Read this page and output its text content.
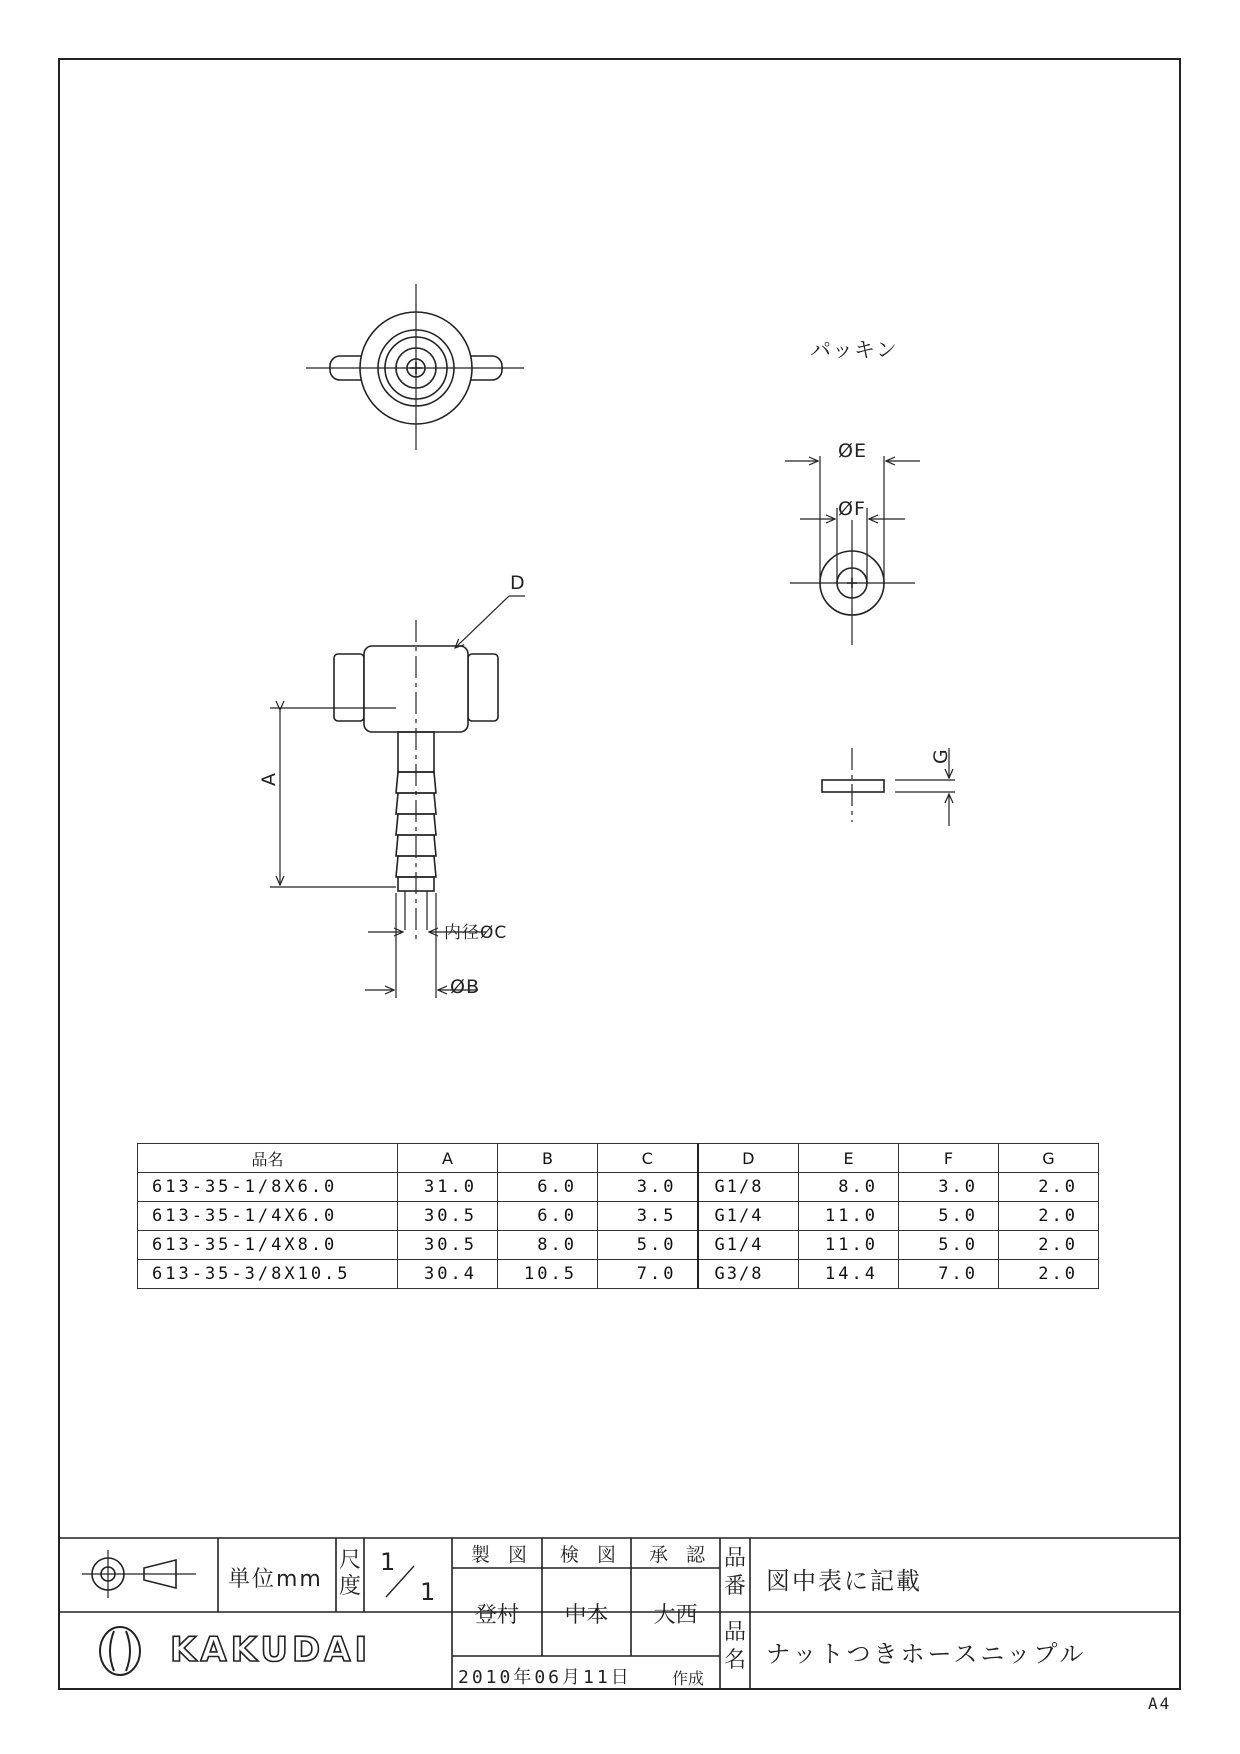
パッキン
A
ØB
内径ØC
D
ØE
ØF
G
品名	A	B	C	D	E	F	G
613-35-1/8X6.0	31.0	6.0	3.0	G1/8	8.0	3.0	2.0
613-35-1/4X6.0	30.5	6.0	3.5	G1/4	11.0	5.0	2.0
613-35-1/4X8.0	30.5	8.0	5.0	G1/4	11.0	5.0	2.0
613-35-3/8X10.5	30.4	10.5	7.0	G3/8	14.4	7.0	2.0
単位mm
尺
度
1
1
製 図	検 図	承 認
登村	中本	大西
品
番 図中表に記載
品
名 ナットつきホースニップル
KAKUDAI
2010年06月11日	作成
A4
